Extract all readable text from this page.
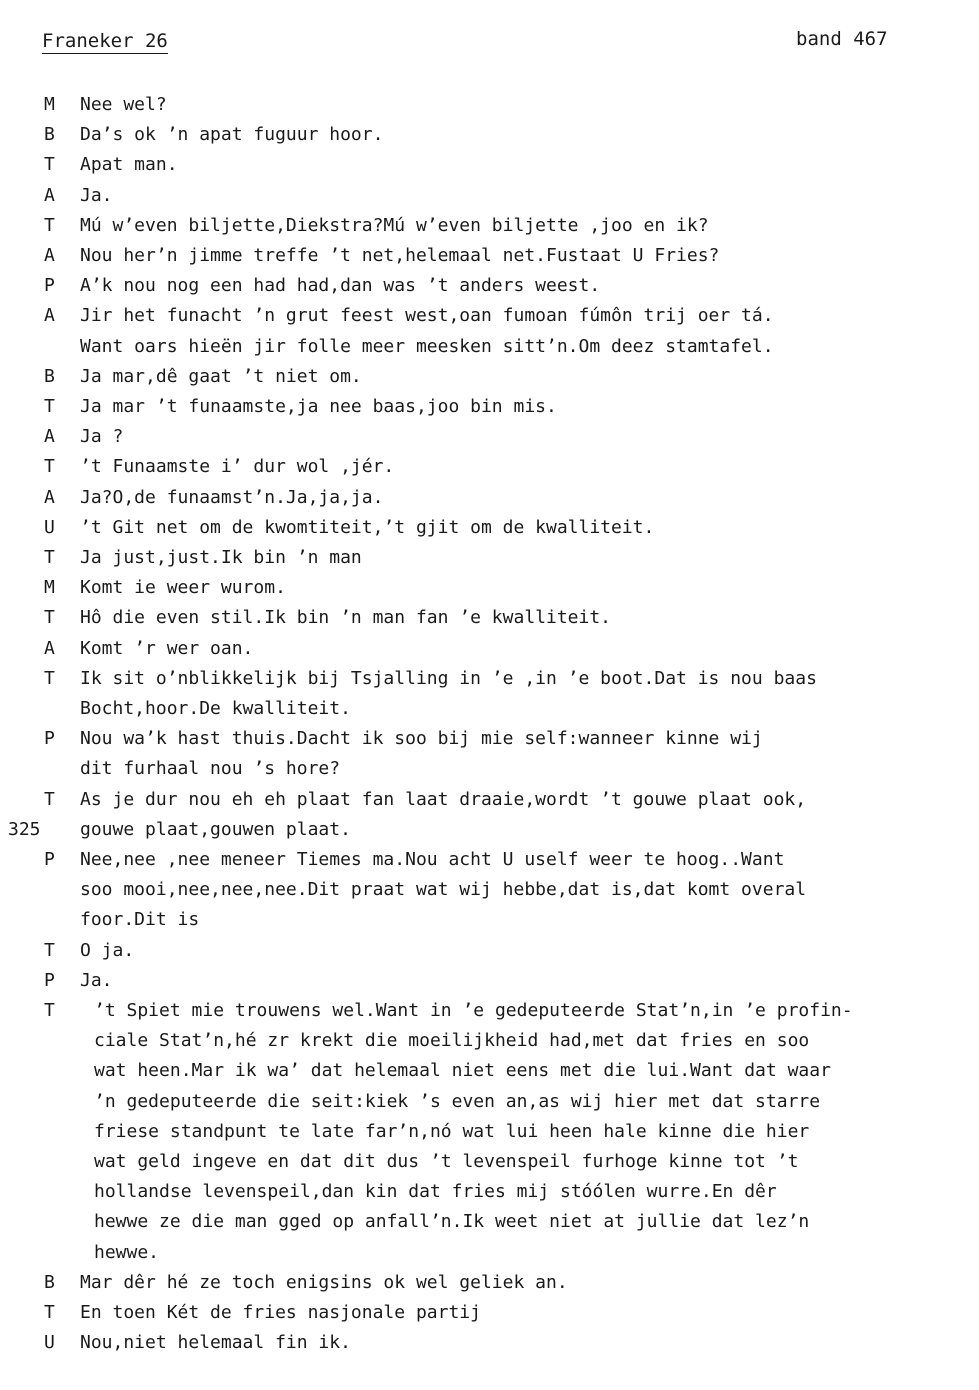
Franeker 26	band 467
M	Nee wel?
B	Da’s ok ’n apat fuguur hoor.
T	Apat man.
A	Ja.
T	Mú w’even biljette,Diekstra?Mú w’even biljette ,joo en ik?
A	Nou her’n jimme treffe ’t net,helemaal net.Fustaat U Fries?
P	A’k nou nog een had had,dan was ’t anders weest.
A	Jir het funacht ’n grut feest west,oan fumoan fúmôn trij oer tá.
Want oars hieën jir folle meer meesken sitt’n.Om deez stamtafel.
B	Ja mar,dê gaat ’t niet om.
T	Ja mar ’t funaamste,ja nee baas,joo bin mis.
A	Ja ?
T	’t Funaamste i’ dur wol ,jér.
A	Ja?O,de funaamst’n.Ja,ja,ja.
U	’t Git net om de kwomtiteit,’t gjit om de kwalliteit.
T	Ja just,just.Ik bin ’n man
M	Komt ie weer wurom.
T	Hô die even stil.Ik bin ’n man fan ’e kwalliteit.
A	Komt ’r wer oan.
T	Ik sit o’nblikkelijk bij Tsjalling in ’e ,in ’e boot.Dat is nou baas
Bocht,hoor.De kwalliteit.
P	Nou wa’k hast thuis.Dacht ik soo bij mie self:wanneer kinne wij
dit furhaal nou ’s hore?
T	As je dur nou eh eh plaat fan laat draaie,wordt ’t gouwe plaat ook,
325 gouwe plaat,gouwen plaat.
P	Nee,nee ,nee meneer Tiemes ma.Nou acht U uself weer te hoog..Want
soo mooi,nee,nee,nee.Dit praat wat wij hebbe,dat is,dat komt overal
foor.Dit is
T	O ja.
P	Ja.
T	’t Spiet mie trouwens wel.Want in ’e gedeputeerde Stat’n,in ’e profin-
ciale Stat’n,hé zr krekt die moeilijkheid had,met dat fries en soo
wat heen.Mar ik wa’ dat helemaal niet eens met die lui.Want dat waar
’n gedeputeerde die seit:kiek ’s even an,as wij hier met dat starre
friese standpunt te late far’n,nó wat lui heen hale kinne die hier
wat geld ingeve en dat dit dus ’t levenspeil furhoge kinne tot ’t
hollandse levenspeil,dan kin dat fries mij stóólen wurre.En dêr
hewwe ze die man gged op anfall’n.Ik weet niet at jullie dat lez’n
hewwe.
B	Mar dêr hé ze toch enigsins ok wel geliek an.
T	En toen Két de fries nasjonale partij
U	Nou,niet helemaal fin ik.
